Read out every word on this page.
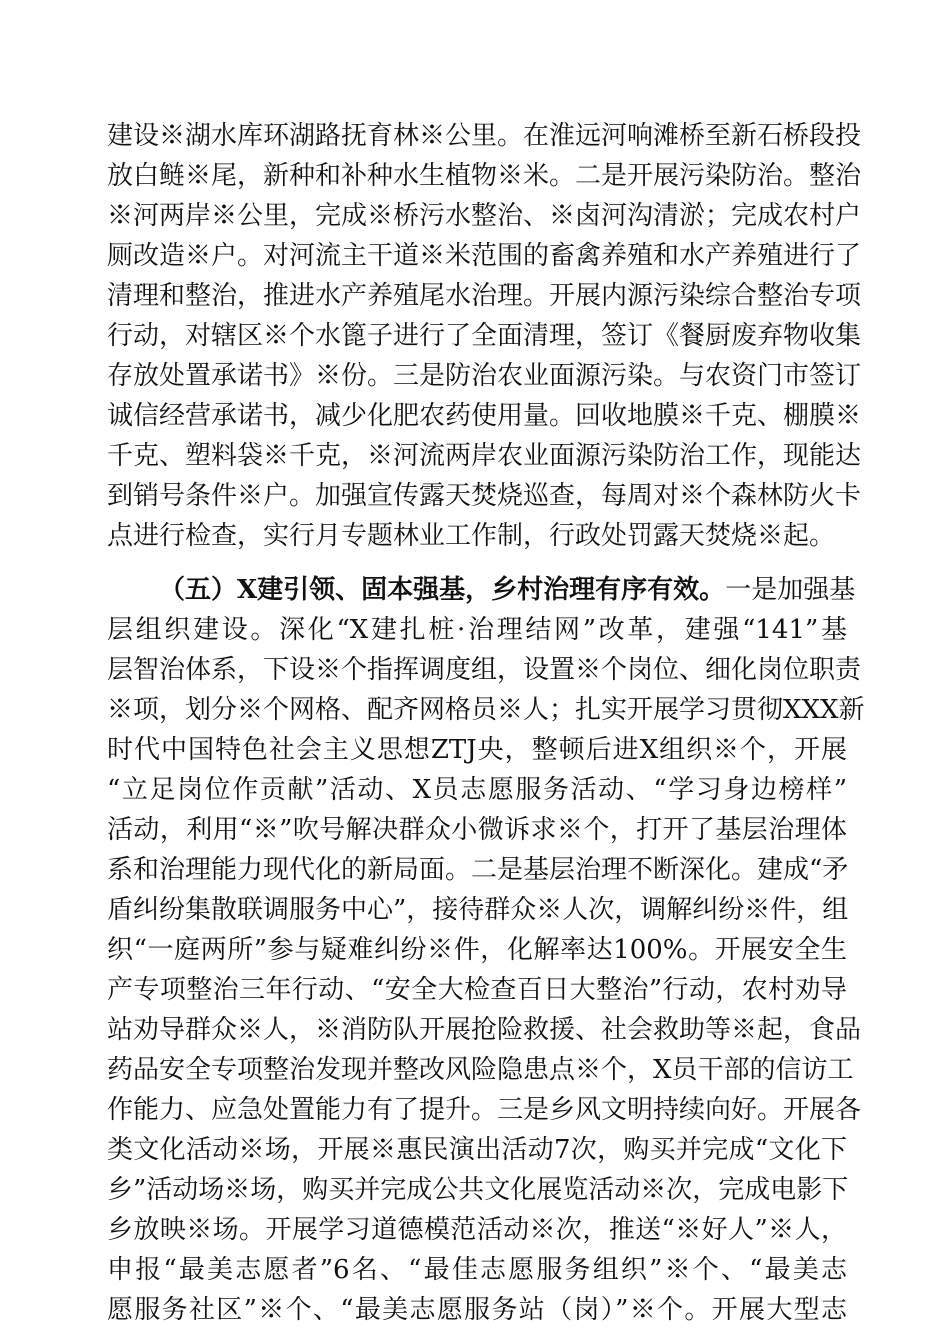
建设※湖水库环湖路抚育林※公里。在淮远河响滩桥至新石桥段投
放白鲢※尾，新种和补种水生植物※米。二是开展污染防治。整治
※河两岸※公里，完成※桥污水整治、※卤河沟清淤；完成农村户
厕改造※户。对河流主干道※米范围的畜禽养殖和水产养殖进行了
清理和整治，推进水产养殖尾水治理。开展内源污染综合整治专项
行动，对辖区※个水篦子进行了全面清理，签订《餐厨废弃物收集
存放处置承诺书》※份。三是防治农业面源污染。与农资门市签订
诚信经营承诺书，减少化肥农药使用量。回收地膜※千克、棚膜※
千克、塑料袋※千克，※河流两岸农业面源污染防治工作，现能达
到销号条件※户。加强宣传露天焚烧巡查，每周对※个森林防火卡
点进行检查，实行月专题林业工作制，行政处罚露天焚烧※起。
（五）X建引领、固本强基，乡村治理有序有效。一是加强基
层组织建设。深化“X建扎桩·治理结网”改革，建强“141”基
层智治体系，下设※个指挥调度组，设置※个岗位、细化岗位职责
※项，划分※个网格、配齐网格员※人；扎实开展学习贯彻XXX新
时代中国特色社会主义思想ZTJ央，整顿后进X组织※个，开展
“立足岗位作贡献”活动、X员志愿服务活动、“学习身边榜样”
活动，利用“※”吹号解决群众小微诉求※个，打开了基层治理体
系和治理能力现代化的新局面。二是基层治理不断深化。建成“矛
盾纠纷集散联调服务中心”，接待群众※人次，调解纠纷※件，组
织“一庭两所”参与疑难纠纷※件，化解率达100%。开展安全生
产专项整治三年行动、“安全大检查百日大整治”行动，农村劝导
站劝导群众※人，※消防队开展抢险救援、社会救助等※起，食品
药品安全专项整治发现并整改风险隐患点※个，X员干部的信访工
作能力、应急处置能力有了提升。三是乡风文明持续向好。开展各
类文化活动※场，开展※惠民演出活动7次，购买并完成“文化下
乡”活动场※场，购买并完成公共文化展览活动※次，完成电影下
乡放映※场。开展学习道德模范活动※次，推送“※好人”※人，
申报“最美志愿者”6名、“最佳志愿服务组织”※个、“最美志
愿服务社区”※个、“最美志愿服务站（岗）”※个。开展大型志
